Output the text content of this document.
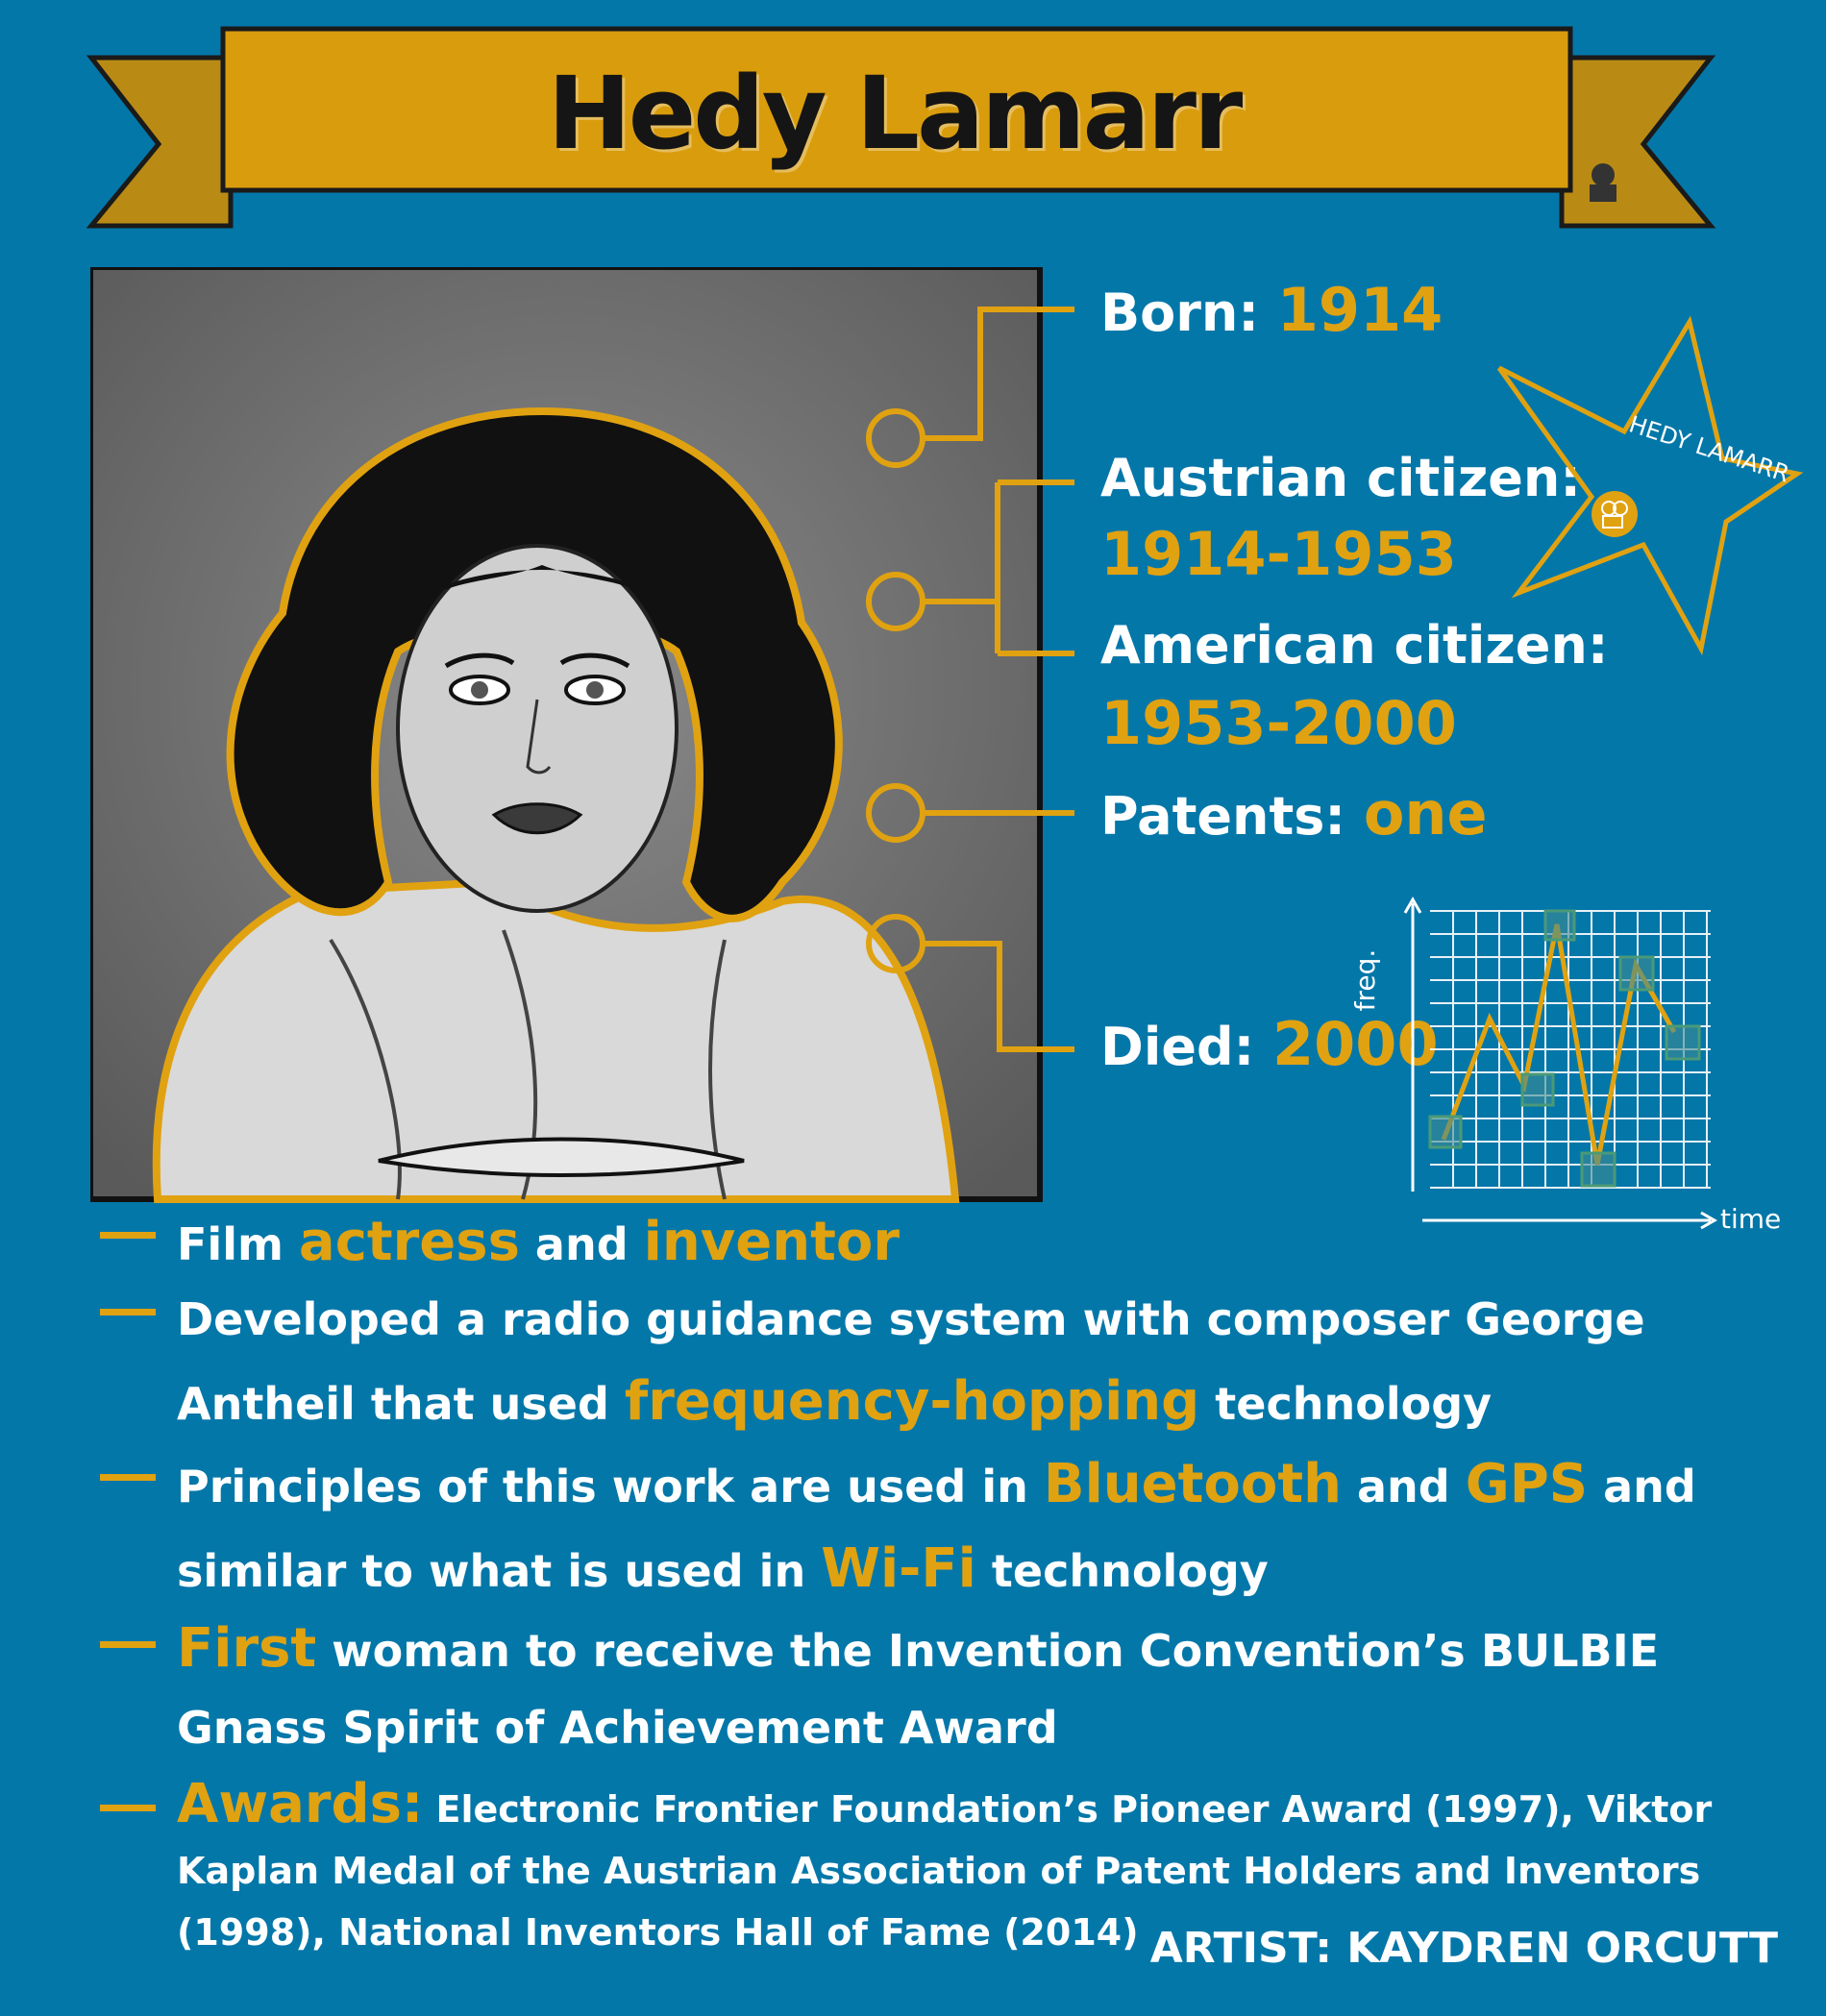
Hedy Lamarr
Born: 1914
Austrian citizen:
1914-1953
American citizen:
1953-2000
Patents: one
Died: 2000
HEDY LAMARR
freq.
time
Film actress and inventor
Developed a radio guidance system with composer George Antheil that used frequency-hopping technology
Principles of this work are used in Bluetooth and GPS and similar to what is used in Wi-Fi technology
First woman to receive the Invention Convention’s BULBIE Gnass Spirit of Achievement Award
Awards: Electronic Frontier Foundation’s Pioneer Award (1997), Viktor Kaplan Medal of the Austrian Association of Patent Holders and Inventors (1998), National Inventors Hall of Fame (2014) ARTIST: KAYDREN ORCUTT
